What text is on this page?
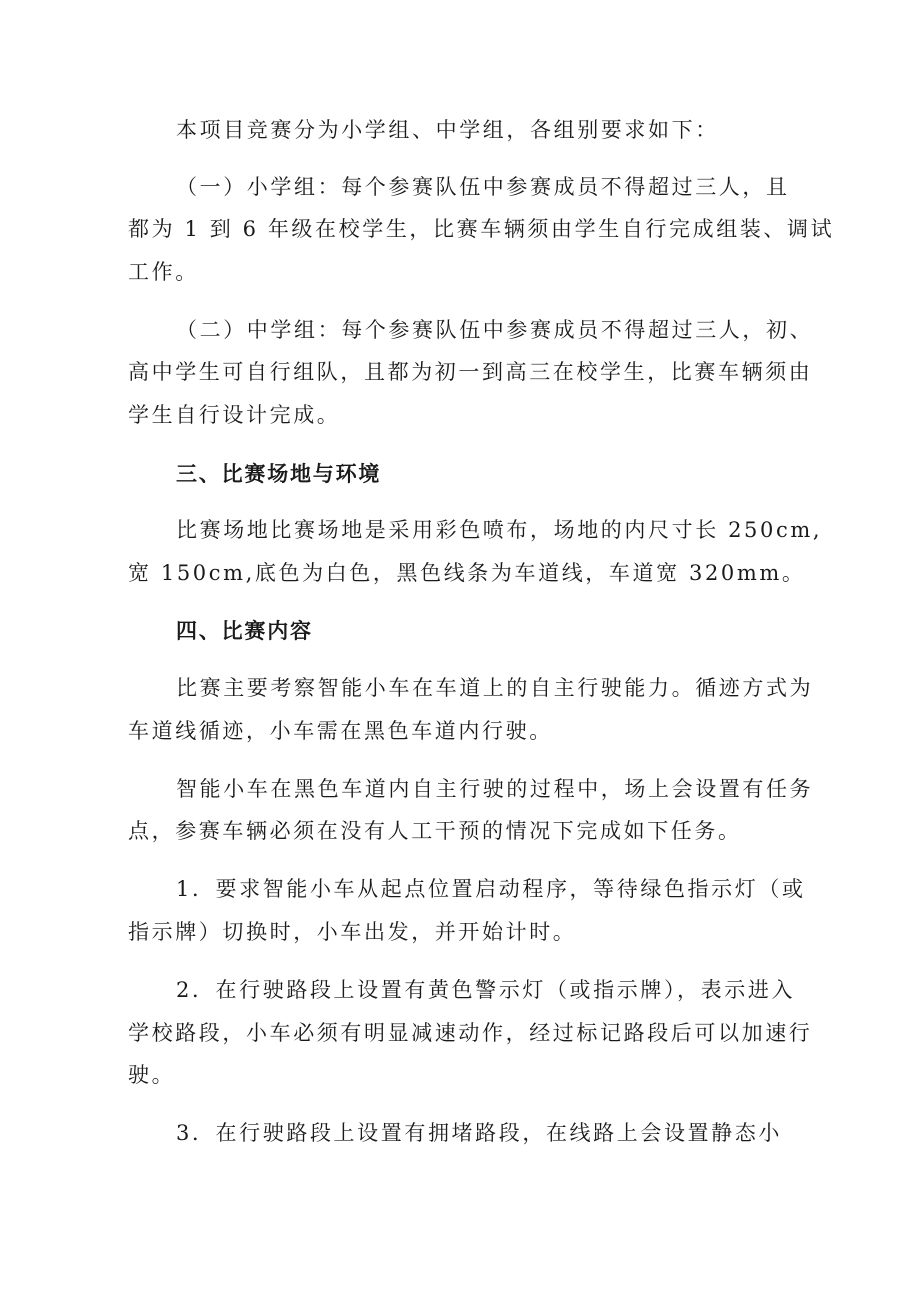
本项目竞赛分为小学组、中学组，各组别要求如下：

（一）小学组：每个参赛队伍中参赛成员不得超过三人，且

都为 1 到 6 年级在校学生，比赛车辆须由学生自行完成组装、调试

工作。

（二）中学组：每个参赛队伍中参赛成员不得超过三人，初、

高中学生可自行组队，且都为初一到高三在校学生，比赛车辆须由

学生自行设计完成。

三、比赛场地与环境

比赛场地比赛场地是采用彩色喷布，场地的内尺寸长 250cm,

宽 150cm,底色为白色，黑色线条为车道线，车道宽 320mm。

四、比赛内容

比赛主要考察智能小车在车道上的自主行驶能力。循迹方式为

车道线循迹，小车需在黑色车道内行驶。

智能小车在黑色车道内自主行驶的过程中，场上会设置有任务

点，参赛车辆必须在没有人工干预的情况下完成如下任务。

1．要求智能小车从起点位置启动程序，等待绿色指示灯（或

指示牌）切换时，小车出发，并开始计时。

2．在行驶路段上设置有黄色警示灯（或指示牌），表示进入

学校路段，小车必须有明显减速动作，经过标记路段后可以加速行

驶。

3．在行驶路段上设置有拥堵路段，在线路上会设置静态小
